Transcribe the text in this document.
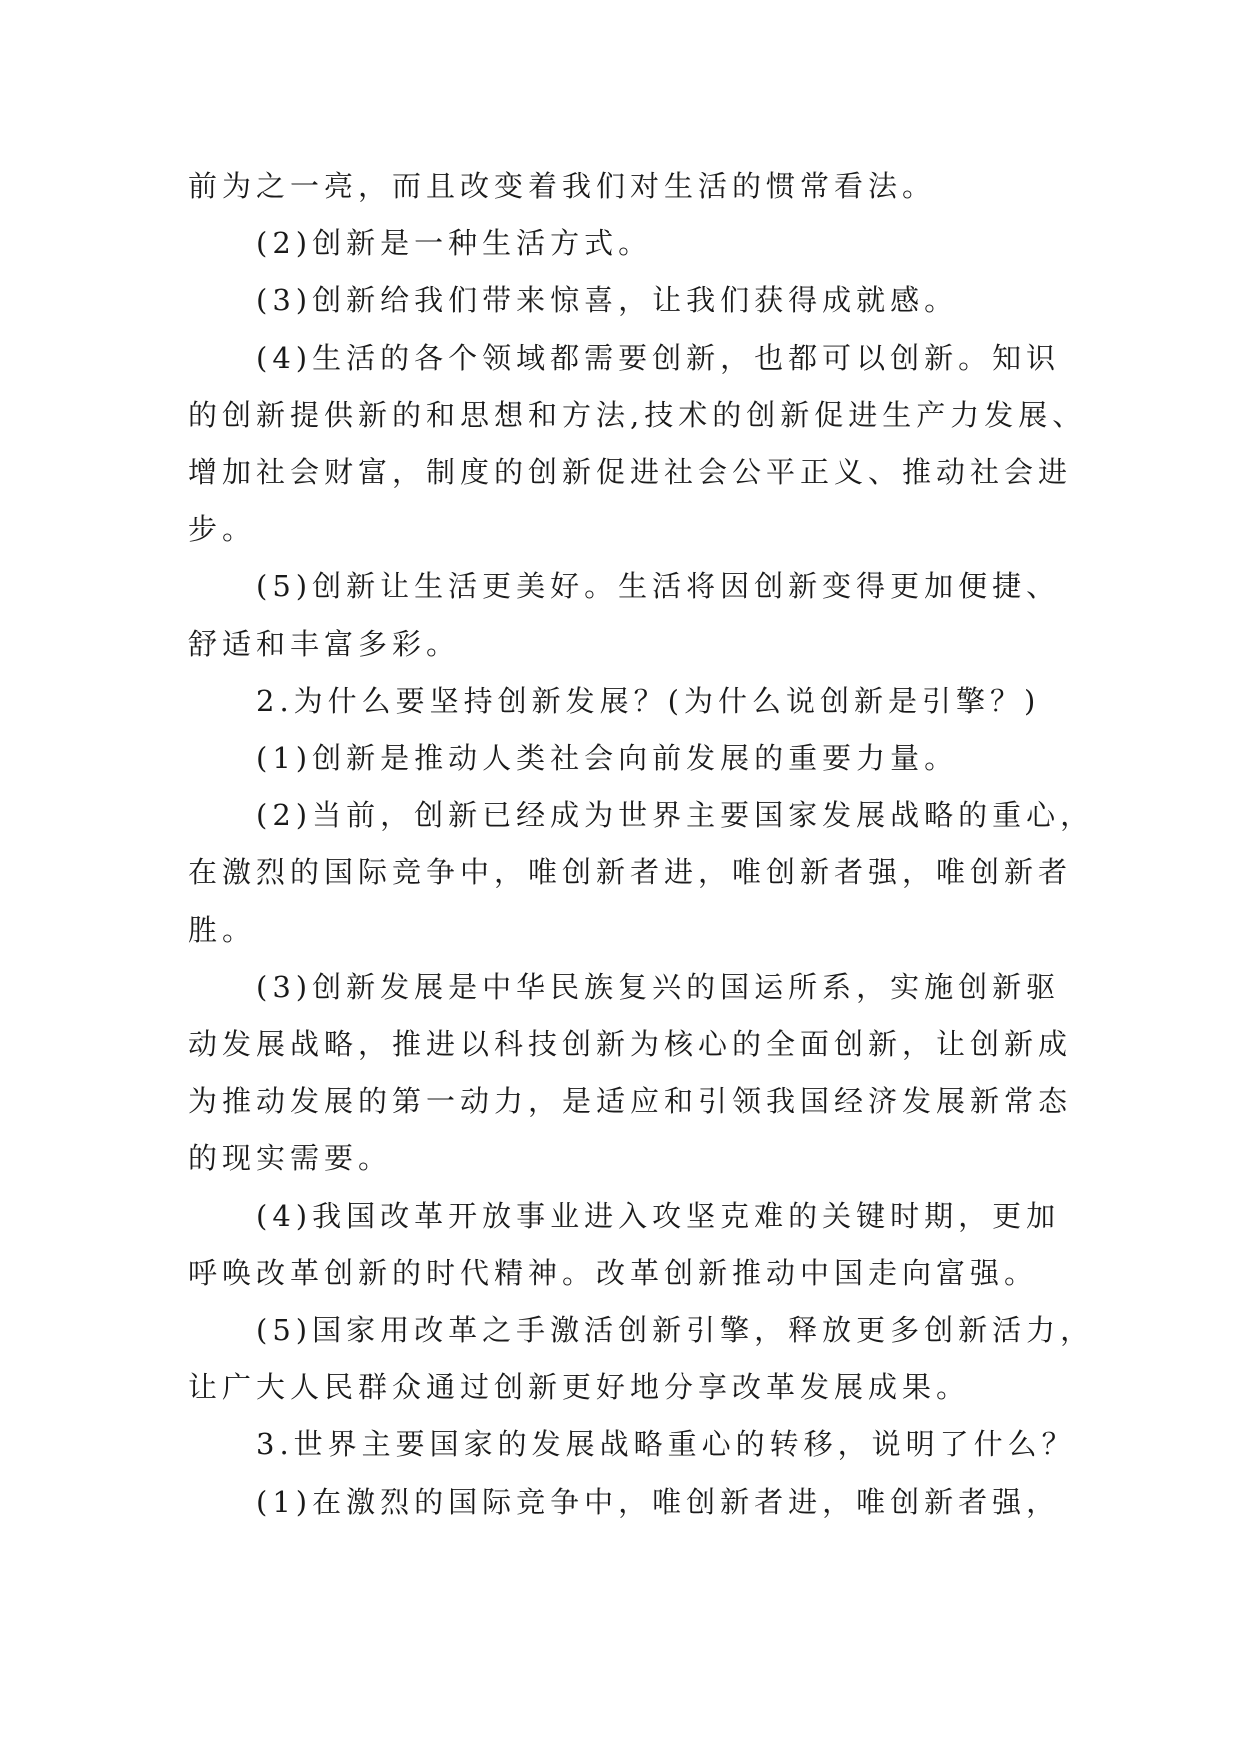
前为之一亮，而且改变着我们对生活的惯常看法。
(2)创新是一种生活方式。
(3)创新给我们带来惊喜，让我们获得成就感。
(4)生活的各个领域都需要创新，也都可以创新。知识
的创新提供新的和思想和方法,技术的创新促进生产力发展、
增加社会财富，制度的创新促进社会公平正义、推动社会进
步。
(5)创新让生活更美好。生活将因创新变得更加便捷、
舒适和丰富多彩。
2.为什么要坚持创新发展？(为什么说创新是引擎？)
(1)创新是推动人类社会向前发展的重要力量。
(2)当前，创新已经成为世界主要国家发展战略的重心，
在激烈的国际竞争中，唯创新者进，唯创新者强，唯创新者
胜。
(3)创新发展是中华民族复兴的国运所系，实施创新驱
动发展战略，推进以科技创新为核心的全面创新，让创新成
为推动发展的第一动力，是适应和引领我国经济发展新常态
的现实需要。
(4)我国改革开放事业进入攻坚克难的关键时期，更加
呼唤改革创新的时代精神。改革创新推动中国走向富强。
(5)国家用改革之手激活创新引擎，释放更多创新活力，
让广大人民群众通过创新更好地分享改革发展成果。
3.世界主要国家的发展战略重心的转移，说明了什么？
(1)在激烈的国际竞争中，唯创新者进，唯创新者强，
